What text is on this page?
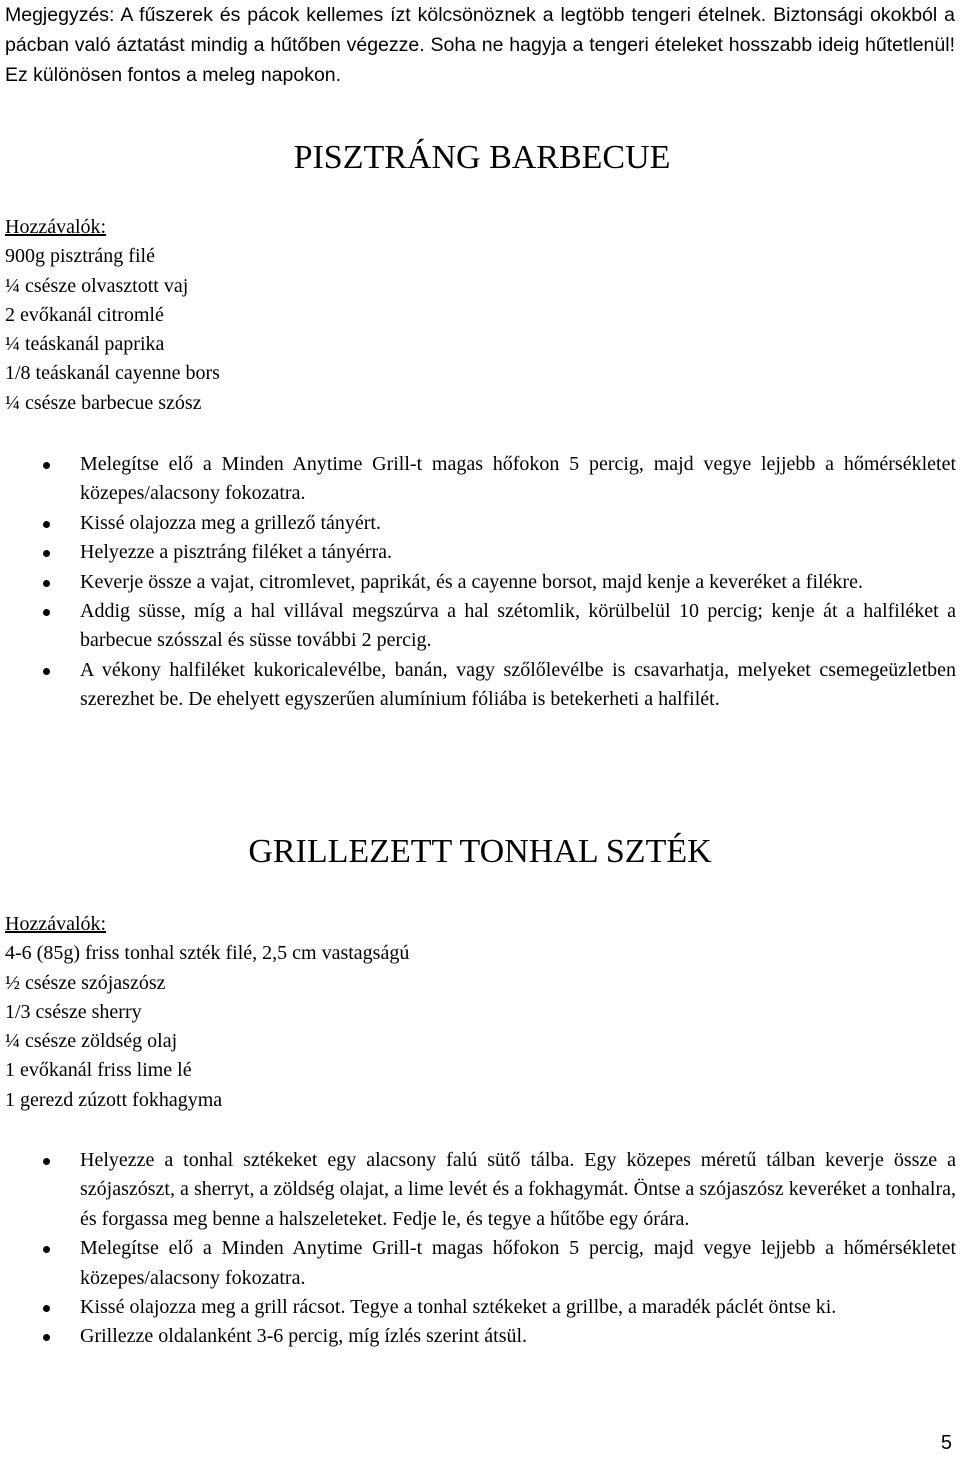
Megjegyzés: A fűszerek és pácok kellemes ízt kölcsönöznek a legtöbb tengeri ételnek. Biztonsági okokból a pácban való áztatást mindig a hűtőben végezze. Soha ne hagyja a tengeri ételeket hosszabb ideig hűtetlenül! Ez különösen fontos a meleg napokon.
PISZTRÁNG BARBECUE
Hozzávalók:
900g pisztráng filé
¼ csésze olvasztott vaj
2 evőkanál citromlé
¼ teáskanál paprika
1/8 teáskanál cayenne bors
¼ csésze barbecue szósz
Melegítse elő a Minden Anytime Grill-t magas hőfokon 5 percig, majd vegye lejjebb a hőmérsékletet közepes/alacsony fokozatra.
Kissé olajozza meg a grillező tányért.
Helyezze a pisztráng filéket a tányérra.
Keverje össze a vajat, citromlevet, paprikát, és a cayenne borsot, majd kenje a keveréket a filékre.
Addig süsse, míg a hal villával megszúrva a hal szétomlik, körülbelül 10 percig; kenje át a halfiléket a barbecue szósszal és süsse további 2 percig.
A vékony halfiléket kukoricalevélbe, banán, vagy szőlőlevélbe is csavarhatja, melyeket csemegeüzletben szerezhet be. De ehelyett egyszerűen alumínium fóliába is betekerheti a halfilét.
GRILLEZETT TONHAL SZTÉK
Hozzávalók:
4-6 (85g) friss tonhal szték filé, 2,5 cm vastagságú
½ csésze szójaszósz
1/3 csésze sherry
¼ csésze zöldség olaj
1 evőkanál friss lime lé
1 gerezd zúzott fokhagyma
Helyezze a tonhal sztékeket egy alacsony falú sütő tálba. Egy közepes méretű tálban keverje össze a szójaszószt, a sherryt, a zöldség olajat, a lime levét és a fokhagymát. Öntse a szójaszósz keveréket a tonhalra, és forgassa meg benne a halszeleteket. Fedje le, és tegye a hűtőbe egy órára.
Melegítse elő a Minden Anytime Grill-t magas hőfokon 5 percig, majd vegye lejjebb a hőmérsékletet közepes/alacsony fokozatra.
Kissé olajozza meg a grill rácsot. Tegye a tonhal sztékeket a grillbe, a maradék páclét öntse ki.
Grillezze oldalanként 3-6 percig, míg ízlés szerint átsül.
5
